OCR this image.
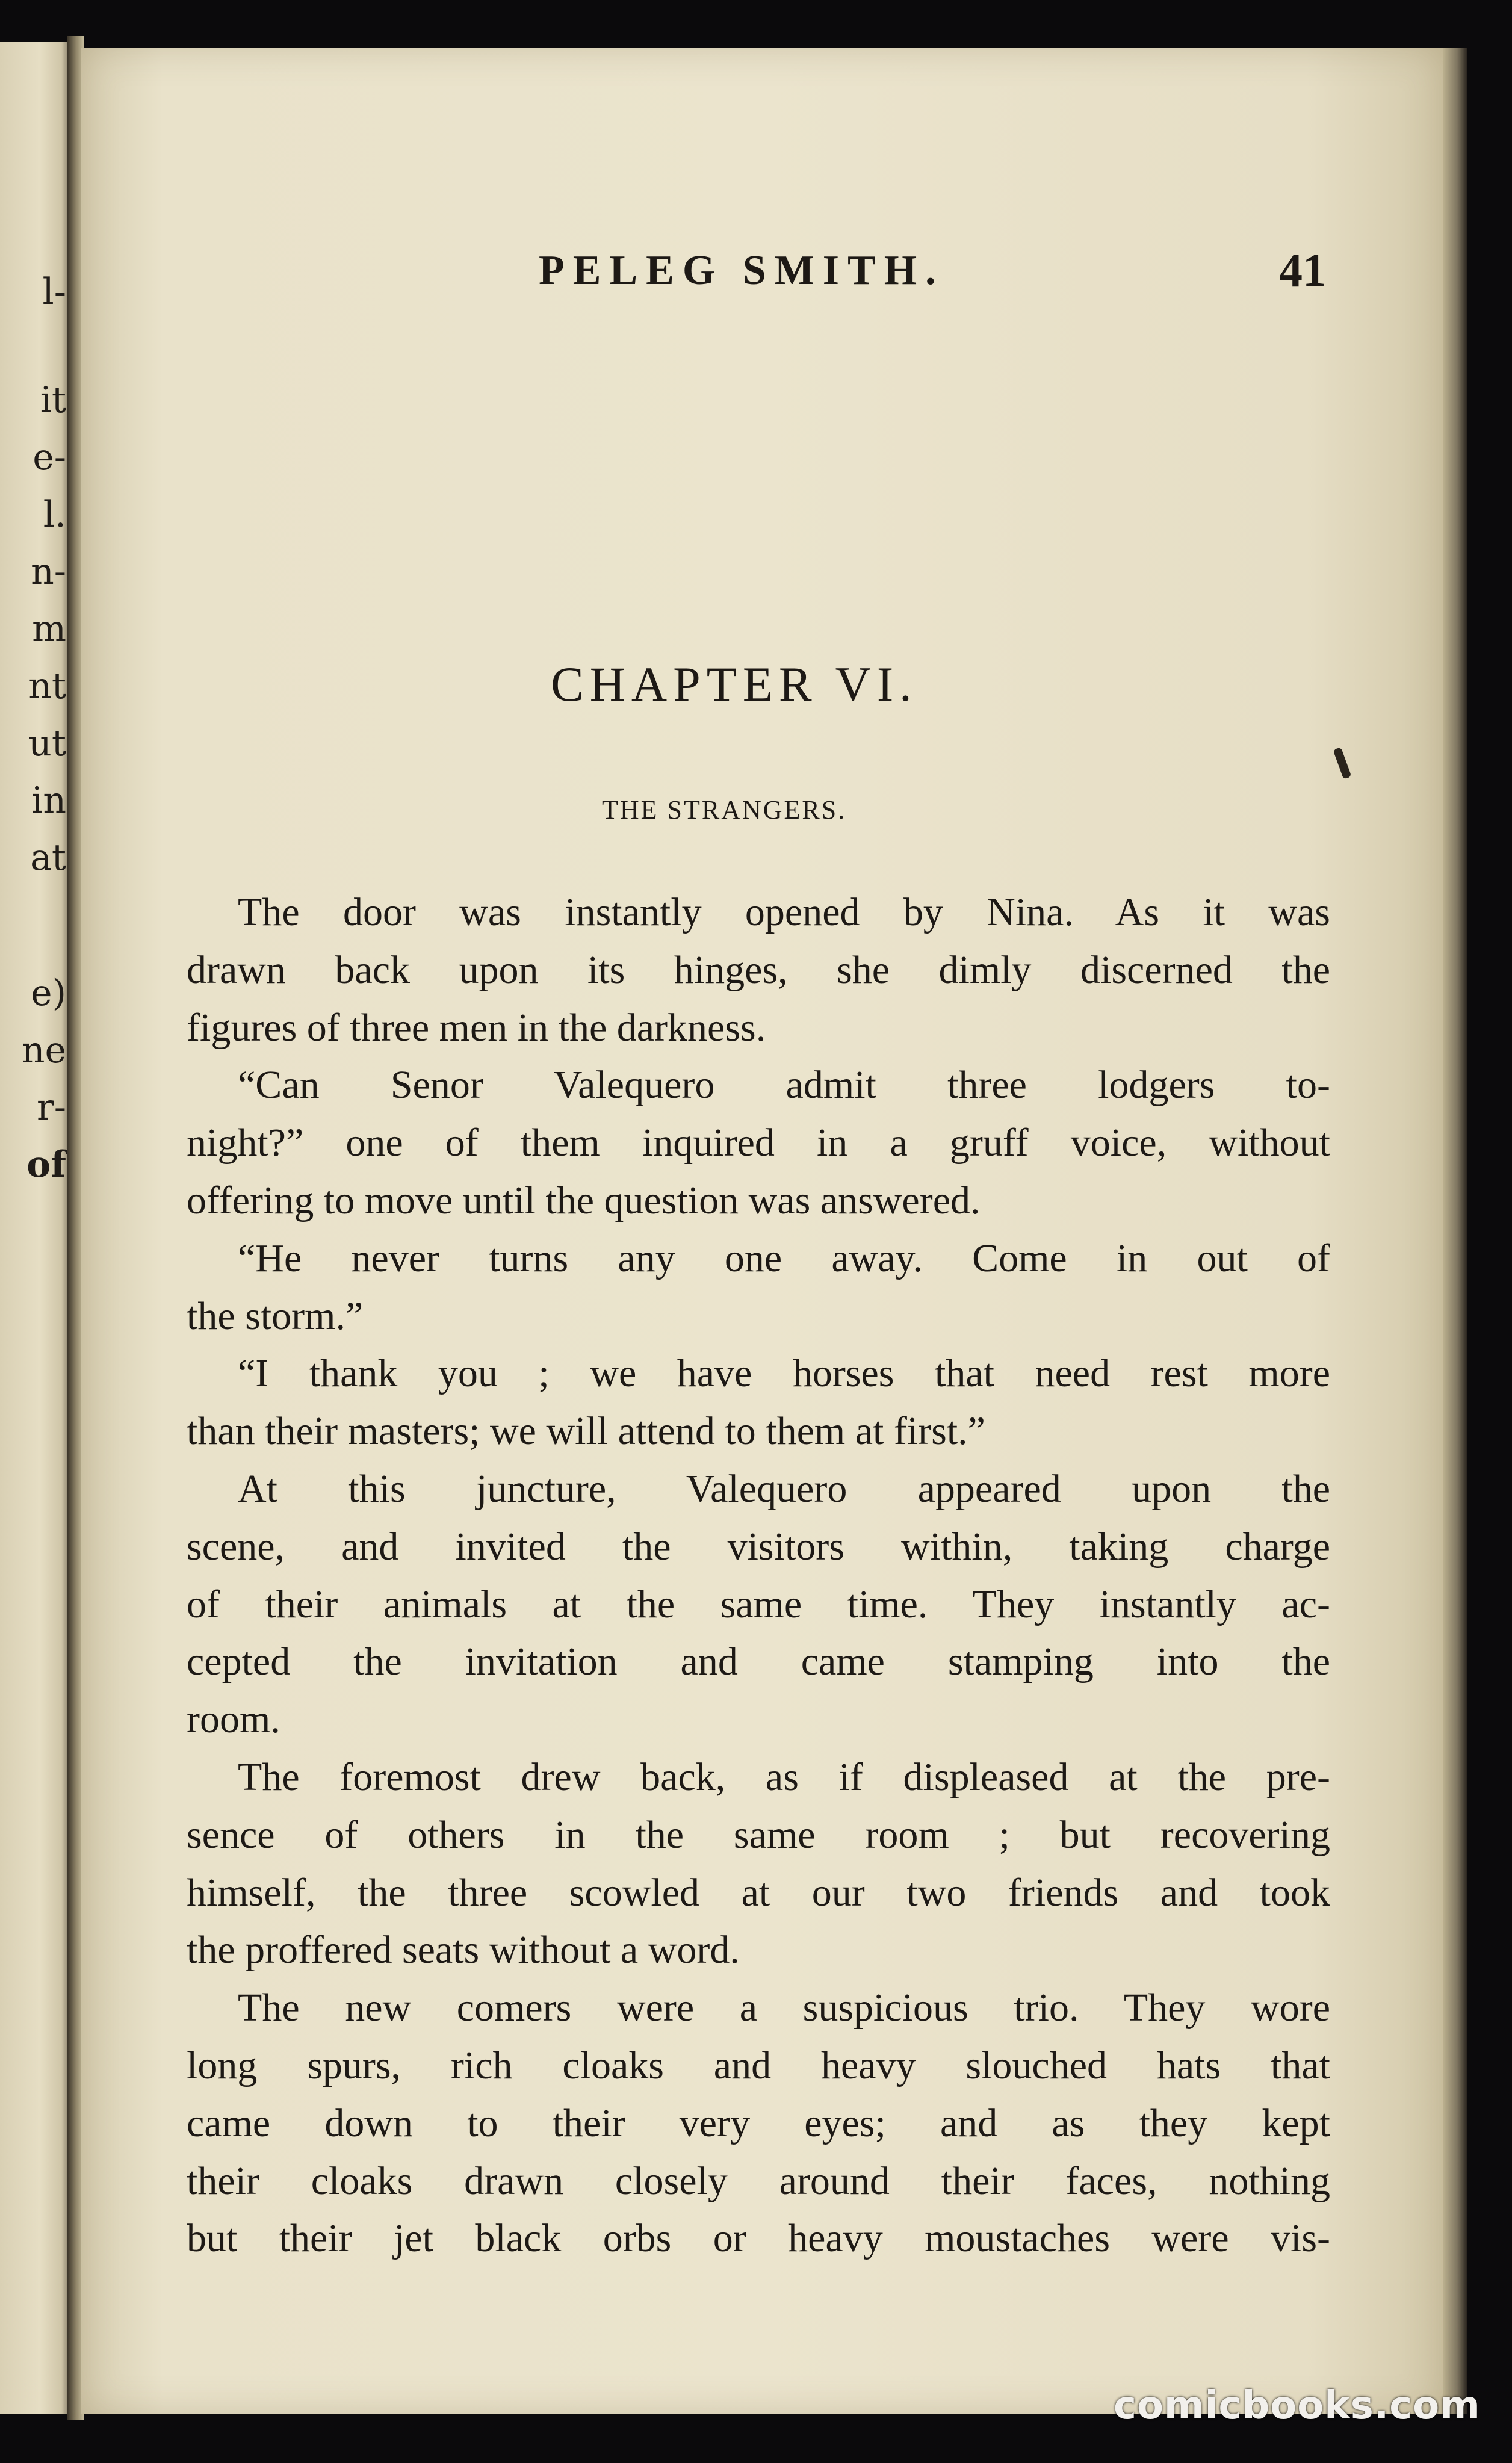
l-
it
e-
l.
n-
m
nt
ut
in
at
e)
ne
r-
of
PELEG SMITH.	41
CHAPTER VI.
THE STRANGERS.
The door was instantly opened by Nina. As it was
drawn back upon its hinges, she dimly discerned the
figures of three men in the darkness.
“Can Senor Valequero admit three lodgers to-
night?” one of them inquired in a gruff voice, without
offering to move until the question was answered.
“He never turns any one away. Come in out of
the storm.”
“I thank you ; we have horses that need rest more
than their masters; we will attend to them at first.”
At this juncture, Valequero appeared upon the
scene, and invited the visitors within, taking charge
of their animals at the same time. They instantly ac-
cepted the invitation and came stamping into the
room.
The foremost drew back, as if displeased at the pre-
sence of others in the same room ; but recovering
himself, the three scowled at our two friends and took
the proffered seats without a word.
The new comers were a suspicious trio. They wore
long spurs, rich cloaks and heavy slouched hats that
came down to their very eyes; and as they kept
their cloaks drawn closely around their faces, nothing
but their jet black orbs or heavy moustaches were vis-
comicbooks.com
